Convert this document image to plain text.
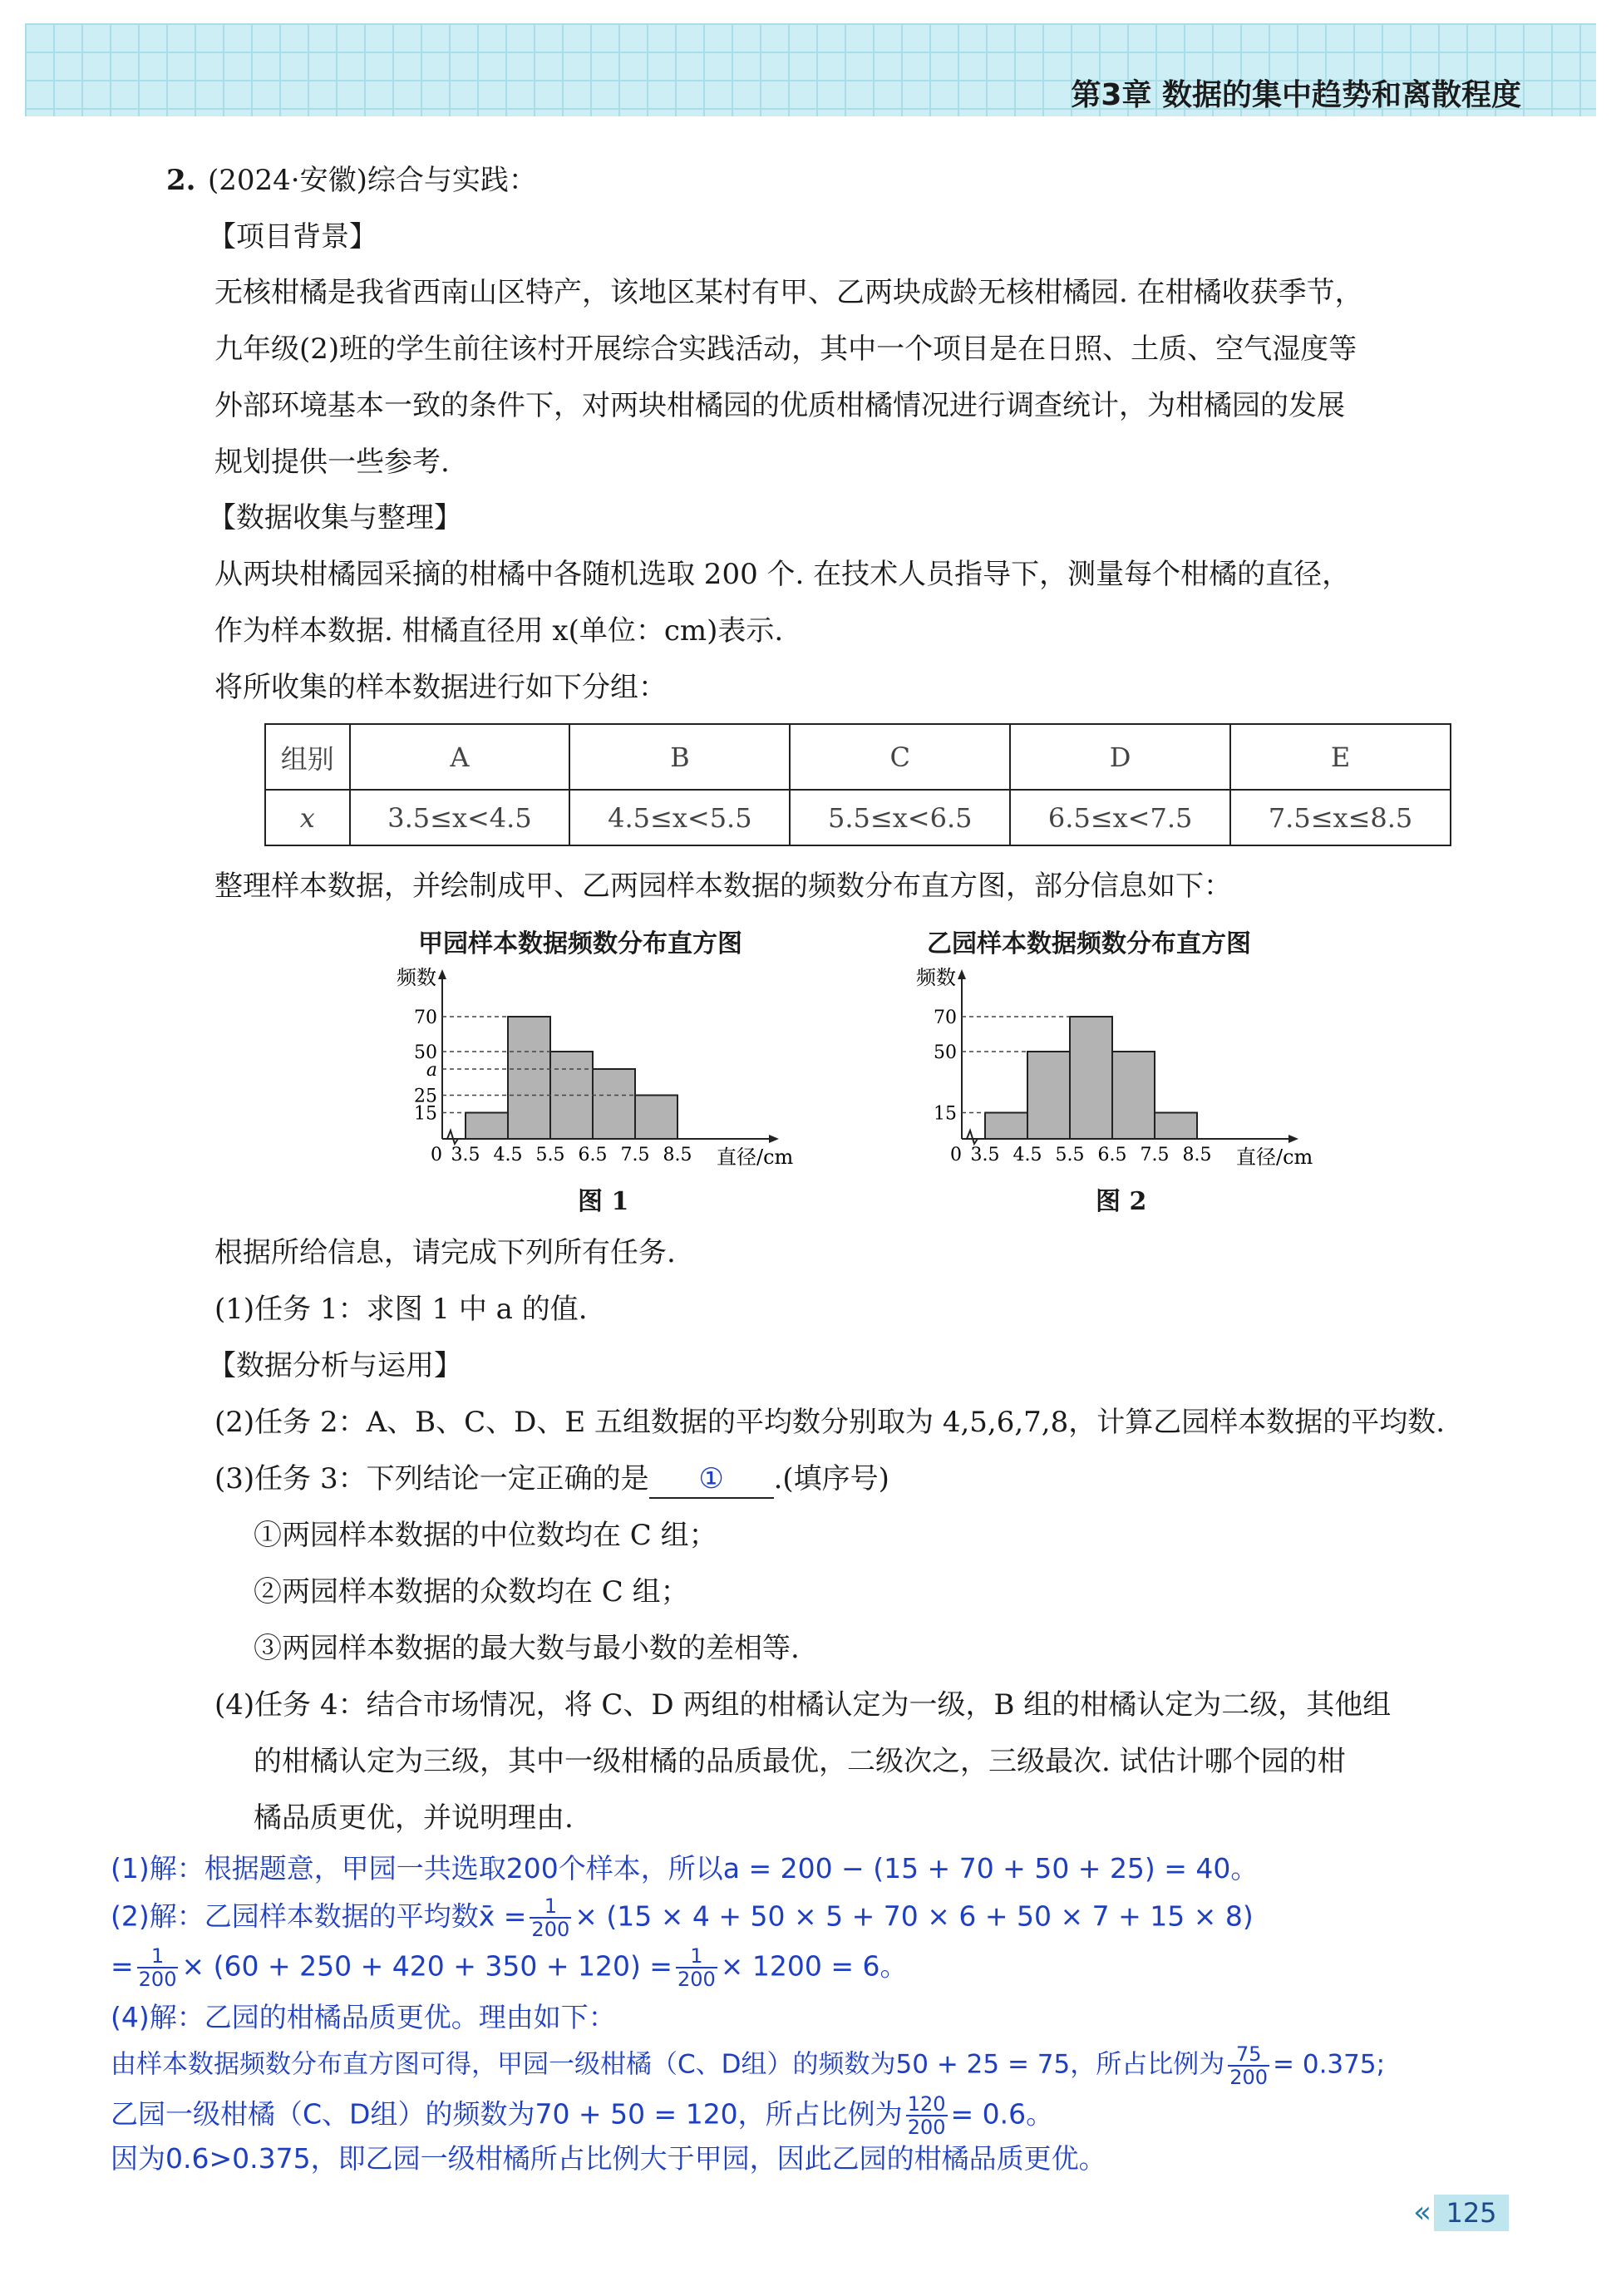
第3章 数据的集中趋势和离散程度
2. (2024·安徽)综合与实践：
【项目背景】
无核柑橘是我省西南山区特产，该地区某村有甲、乙两块成龄无核柑橘园. 在柑橘收获季节，
九年级(2)班的学生前往该村开展综合实践活动，其中一个项目是在日照、土质、空气湿度等
外部环境基本一致的条件下，对两块柑橘园的优质柑橘情况进行调查统计，为柑橘园的发展
规划提供一些参考.
【数据收集与整理】
从两块柑橘园采摘的柑橘中各随机选取 200 个. 在技术人员指导下，测量每个柑橘的直径，
作为样本数据. 柑橘直径用 x(单位：cm)表示.
将所收集的样本数据进行如下分组：
组别	A	B	C	D	E
x	3.5≤x<4.5	4.5≤x<5.5	5.5≤x<6.5	6.5≤x<7.5	7.5≤x≤8.5
整理样本数据，并绘制成甲、乙两园样本数据的频数分布直方图，部分信息如下：
甲园样本数据频数分布直方图	乙园样本数据频数分布直方图
频数
0
15
25
a
50
70
3.5 4.5 5.5 6.5 7.5 8.5 直径/cm
频数
0
15
50
70
3.5 4.5 5.5 6.5 7.5 8.5 直径/cm
图 1	图 2
根据所给信息，请完成下列所有任务.
(1)任务 1：求图 1 中 a 的值.
【数据分析与运用】
(2)任务 2：A、B、C、D、E 五组数据的平均数分别取为 4,5,6,7,8，计算乙园样本数据的平均数.
(3)任务 3：下列结论一定正确的是 ① .(填序号)
①两园样本数据的中位数均在 C 组；
②两园样本数据的众数均在 C 组；
③两园样本数据的最大数与最小数的差相等.
(4)任务 4：结合市场情况，将 C、D 两组的柑橘认定为一级，B 组的柑橘认定为二级，其他组
的柑橘认定为三级，其中一级柑橘的品质最优，二级次之，三级最次. 试估计哪个园的柑
橘品质更优，并说明理由.
(1)解：根据题意，甲园一共选取200个样本，所以a = 200 − (15 + 70 + 50 + 25) = 40。
(2)解：乙园样本数据的平均数x̄ = $\frac{1}{200} \times (15 \times 4 + 50 \times 5 + 70 \times 6 + 50 \times 7 + 15 \times 8)$
= $\frac{1}{200} \times (60 + 250 + 420 + 350 + 120) = \frac{1}{200} \times 1200 = 6$。
(4)解：乙园的柑橘品质更优。理由如下：
由样本数据频数分布直方图可得，甲园一级柑橘（C、D组）的频数为50 + 25 = 75，所占比例为 $\frac{75}{200} = 0.375$;
乙园一级柑橘（C、D组）的频数为70 + 50 = 120，所占比例为 $\frac{120}{200} = 0.6$。
因为0.6>0.375，即乙园一级柑橘所占比例大于甲园，因此乙园的柑橘品质更优。
« 125
